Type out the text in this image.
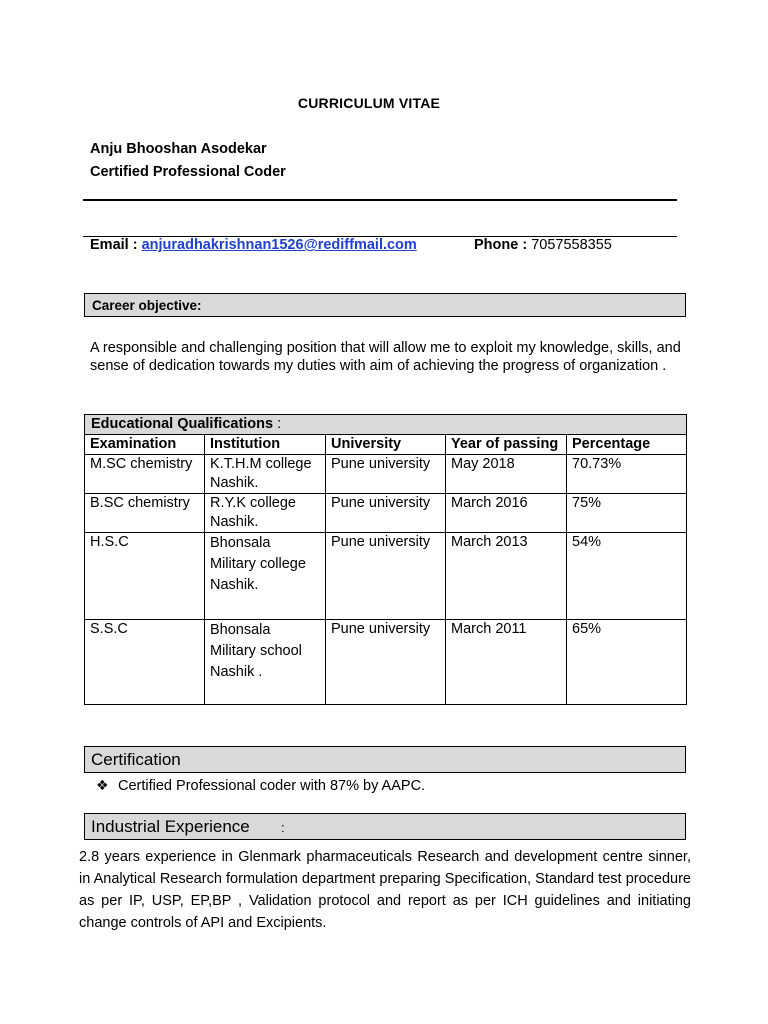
CURRICULUM VITAE
Anju Bhooshan Asodekar
Certified Professional Coder
Email : anjuradhakrishnan1526@rediffmail.com	Phone : 7057558355
Career objective:
A responsible and challenging position that will allow me to exploit my knowledge, skills, and sense of dedication towards my duties with aim of achieving the progress of organization .
Educational Qualifications :				
Examination	Institution	University	Year of passing	Percentage
M.SC chemistry	K.T.H.M college Nashik.	Pune university	May 2018	70.73%
B.SC chemistry	R.Y.K college Nashik.	Pune university	March 2016	75%
H.S.C	Bhonsala Military college Nashik.	Pune university	March 2013	54%
S.S.C	Bhonsala Military school Nashik .	Pune university	March 2011	65%
Certification
❖ Certified Professional coder with 87% by AAPC.
Industrial Experience :
2.8 years experience in Glenmark pharmaceuticals Research and development centre sinner, in Analytical Research formulation department preparing Specification, Standard test procedure as per IP, USP, EP,BP , Validation protocol and report as per ICH guidelines and initiating change controls of API and Excipients.
